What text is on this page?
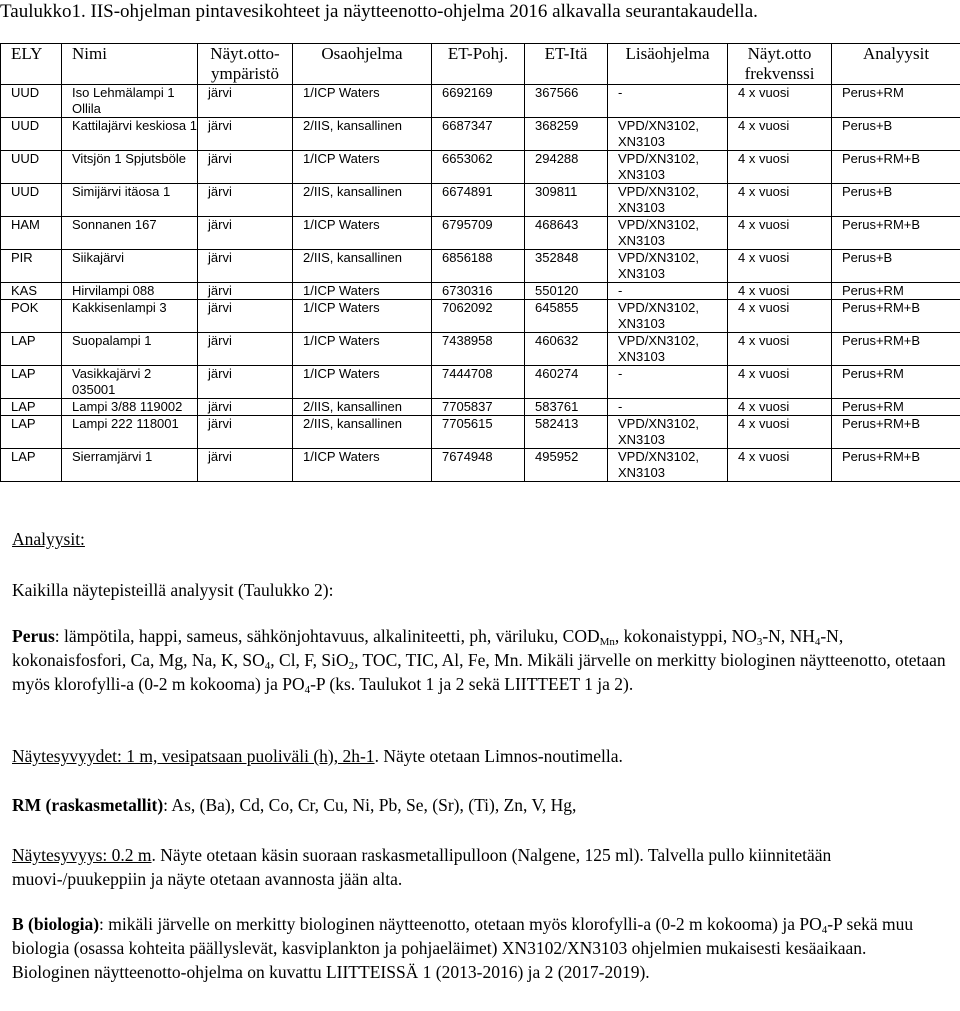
Taulukko1. IIS-ohjelman pintavesikohteet ja näytteenotto-ohjelma 2016 alkavalla seurantakaudella.
ELY	Nimi	Näyt.otto-ympäristö	Osaohjelma	ET-Pohj.	ET-Itä	Lisäohjelma	Näyt.otto frekvenssi	Analyysit
UUD	Iso Lehmälampi 1 Ollila	järvi	1/ICP Waters	6692169	367566	-	4 x vuosi	Perus+RM
UUD	Kattilajärvi keskiosa 1	järvi	2/IIS, kansallinen	6687347	368259	VPD/XN3102, XN3103	4 x vuosi	Perus+B
UUD	Vitsjön 1 Spjutsböle	järvi	1/ICP Waters	6653062	294288	VPD/XN3102, XN3103	4 x vuosi	Perus+RM+B
UUD	Simijärvi itäosa 1	järvi	2/IIS, kansallinen	6674891	309811	VPD/XN3102, XN3103	4 x vuosi	Perus+B
HAM	Sonnanen 167	järvi	1/ICP Waters	6795709	468643	VPD/XN3102, XN3103	4 x vuosi	Perus+RM+B
PIR	Siikajärvi	järvi	2/IIS, kansallinen	6856188	352848	VPD/XN3102, XN3103	4 x vuosi	Perus+B
KAS	Hirvilampi 088	järvi	1/ICP Waters	6730316	550120	-	4 x vuosi	Perus+RM
POK	Kakkisenlampi 3	järvi	1/ICP Waters	7062092	645855	VPD/XN3102, XN3103	4 x vuosi	Perus+RM+B
LAP	Suopalampi 1	järvi	1/ICP Waters	7438958	460632	VPD/XN3102, XN3103	4 x vuosi	Perus+RM+B
LAP	Vasikkajärvi 2 035001	järvi	1/ICP Waters	7444708	460274	-	4 x vuosi	Perus+RM
LAP	Lampi 3/88 119002	järvi	2/IIS, kansallinen	7705837	583761	-	4 x vuosi	Perus+RM
LAP	Lampi 222 118001	järvi	2/IIS, kansallinen	7705615	582413	VPD/XN3102, XN3103	4 x vuosi	Perus+RM+B
LAP	Sierramjärvi 1	järvi	1/ICP Waters	7674948	495952	VPD/XN3102, XN3103	4 x vuosi	Perus+RM+B
Analyysit:
Kaikilla näytepisteillä analyysit (Taulukko 2):
Perus: lämpötila, happi, sameus, sähkönjohtavuus, alkaliniteetti, ph, väriluku, $COD_{Mn}$, kokonaistyppi, $NO_3-N$, $NH_4-N$, kokonaisfosfori, Ca, Mg, Na, K, $SO_4$, Cl, F, SiO$_2$, TOC, TIC, Al, Fe, Mn. Mikäli järvelle on merkitty biologinen näytteenotto, otetaan myös klorofylli-a (0-2 m kokooma) ja $PO_4-P$ (ks. Taulukot 1 ja 2 sekä LIITTEET 1 ja 2).
Näytesyvyydet: 1 m, vesipatsaan puoliväli (h), 2h-1. Näyte otetaan Limnos-noutimella.
RM (raskasmetallit): As, (Ba), Cd, Co, Cr, Cu, Ni, Pb, Se, (Sr), (Ti), Zn, V, Hg,
Näytesyvyys: 0.2 m. Näyte otetaan käsin suoraan raskasmetallipulloon (Nalgene, 125 ml). Talvella pullo kiinnitetään muovi-/puukeppiin ja näyte otetaan avannosta jään alta.
B (biologia): mikäli järvelle on merkitty biologinen näytteenotto, otetaan myös klorofylli-a (0-2 m kokooma) ja $PO_4-P$ sekä muu biologia (osassa kohteita päällyslevät, kasviplankton ja pohjaeläimet) XN3102/XN3103 ohjelmien mukaisesti kesäaikaan. Biologinen näytteenotto-ohjelma on kuvattu LIITTEISSÄ 1 (2013-2016) ja 2 (2017-2019).
